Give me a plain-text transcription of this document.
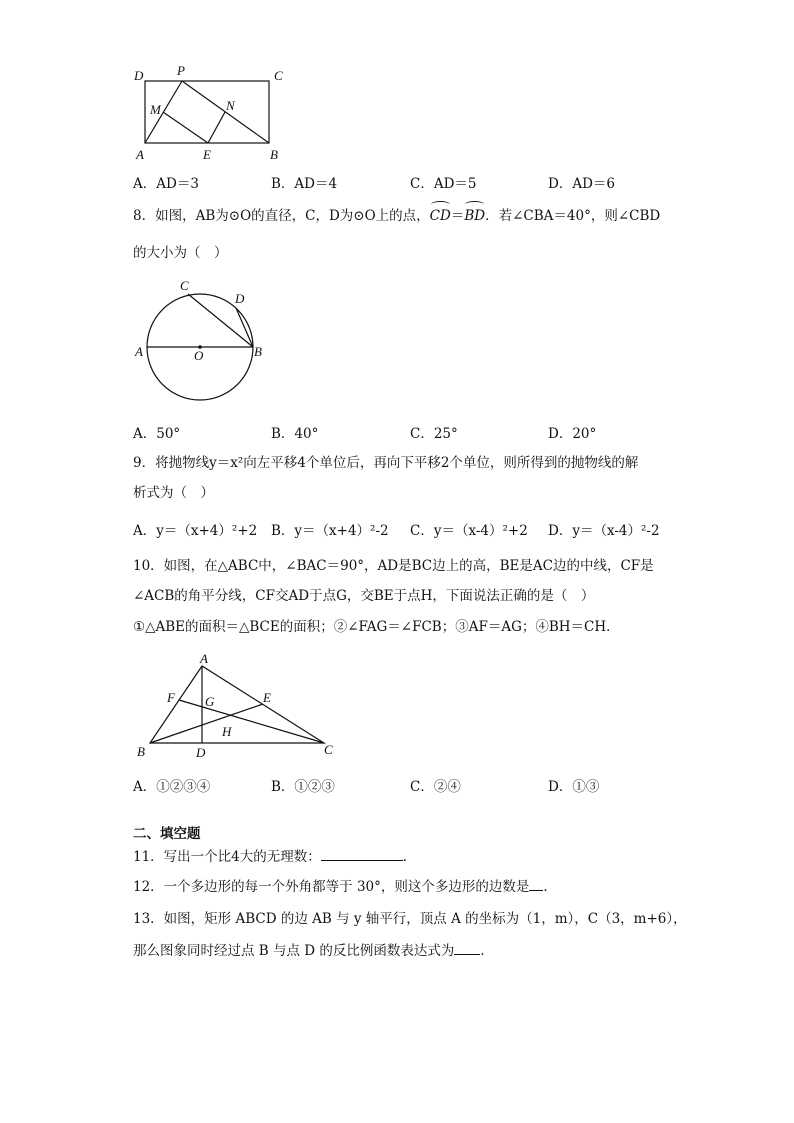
D	P	C
M	N
A	E	B
A．AD＝3	B．AD＝4	C．AD＝5	D．AD＝6
8．如图，AB为⊙O的直径，C，D为⊙O上的点，CD＝BD．若∠CBA＝40°，则∠CBD
的大小为（　）
C
D
A	O	B
A．50°	B．40°	C．25°	D．20°
9．将抛物线y＝x²向左平移4个单位后，再向下平移2个单位，则所得到的抛物线的解
析式为（　）
A．y＝（x+4）²+2 B．y＝（x+4）²-2 C．y＝（x-4）²+2 D．y＝（x-4）²-2
10．如图，在△ABC中，∠BAC＝90°，AD是BC边上的高，BE是AC边的中线，CF是
∠ACB的角平分线，CF交AD于点G，交BE于点H，下面说法正确的是（　）
①△ABE的面积＝△BCE的面积；②∠FAG＝∠FCB；③AF＝AG；④BH＝CH．
A
F G	E
H
B	D	C
A．①②③④	B．①②③	C．②④	D．①③
二、填空题
11．写出一个比4大的无理数：	．
12．一个多边形的每一个外角都等于 30°，则这个多边形的边数是 ．
13．如图，矩形 ABCD 的边 AB 与 y 轴平行，顶点 A 的坐标为（1，m），C（3，m+6），
那么图象同时经过点 B 与点 D 的反比例函数表达式为 ．
